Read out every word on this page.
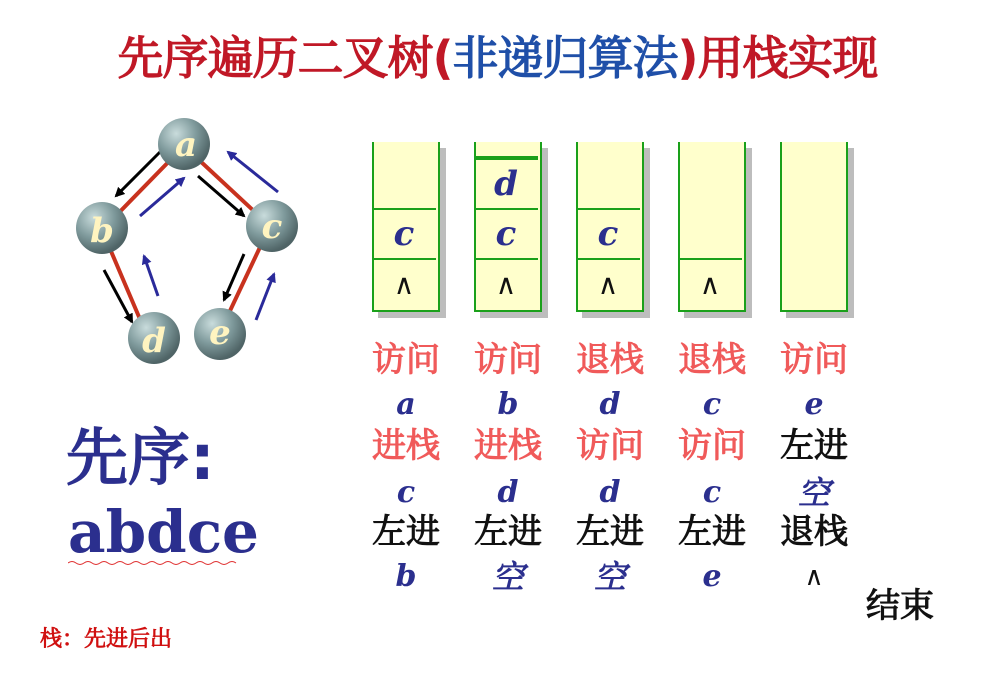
先序遍历二叉树(非递归算法)用栈实现
a
b	c
d e
c
∧
d
c
∧
c
∧	∧
访问
a
进栈
c
左进
b
访问
b
进栈
d
左进
空
退栈
d
访问
d
左进
空
退栈
c
访问
c
左进
e
访问
e
左进
空
退栈
∧
结束
先序:
abdce
栈：先进后出
